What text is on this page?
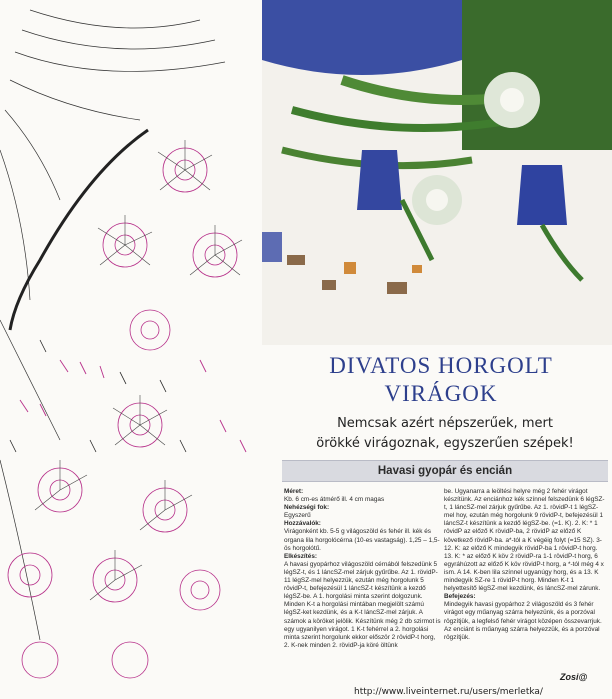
DIVATOS HORGOLT
VIRÁGOK

Nemcsak azért népszerűek, mert
örökké virágoznak, egyszerűen szépek!
Havasi gyopár és encián

Méret:

Kb. 6 cm-es átmérő ill. 4 cm magas

Nehézségi fok:

Egyszerű

Hozzávalók:

Virágonként kb. 5-5 g világoszöld és fehér ill. kék és organa lila horgolócérna (10-es vastagság). 1,25 – 1,5-ös horgolótű.

Elkészítés:

A havasi gyopárhoz világoszöld cérnából felszedünk 5 légSZ-t, és 1 láncSZ-mel zárjuk gyűrűbe. Az 1. rövidP-11 légSZ-mel helyezzük, ezután még horgolunk 5 rövidP-t, befejezésül 1 láncSZ-t készítünk a kezdő légSZ-be. A 1. horgolási minta szerint dolgozunk. Minden K-t a horgolási mintában megjelölt számú légSZ-ket kezdünk, és a K-t láncSZ-mel zárjuk. A számok a köröket jelölik. Készítünk még 2 db szirmot is egy ugyanilyen virágot. 1 K-t fehérrel a 2. horgolási minta szerint horgolunk ekkor először 2 rövidP-t horg, 2. K-nek minden 2. rövidP-ja köré öltünk

be. Ugyanarra a leöltési helyre még 2 fehér virágot készítünk. Az enciánhoz kék színnel felszedünk 6 légSZ-t, 1 láncSZ-mel zárjuk gyűrűbe. Az 1. rövidP-t 1 légSZ-mel hoy, ezután még horgolunk 9 rövidP-t, befejezésül 1 láncSZ-t készítünk a kezdő légSZ-be. (=1. K). 2. K: * 1 rövidP az előző K rövidP-ba, 2 rövidP az előző K következő rövidP-ba. a*-tól a K végéig folyt (=15 SZ). 3-12. K: az előző K mindegyik rövidP-ba 1 rövidP-t horg. 13. K: * az előző K köv 2 rövidP-ra 1-1 rövidP-t horg, 6 egyráhúzott az előző K köv rövidP-t horg, a *-tól még 4 x ism. A 14. K-ben lila színnel ugyanúgy horg, és a 13. K mindegyik SZ-re 1 rövidP-t horg. Minden K-t 1 helyettesítő légSZ-mel kezdünk, és láncSZ-mel zárunk.

Befejezés:

Mindegyik havasi gyopárhoz 2 világoszöld és 3 fehér virágot egy műanyag szárra helyezünk, és a porzóval rögzítjük, a legfelső fehér virágot középen összevarrjuk. Az enciánt is műanyag szárra helyezzük, és a porzóval rögzítjük.

Zosi@
http://www.liveinternet.ru/users/merletka/
